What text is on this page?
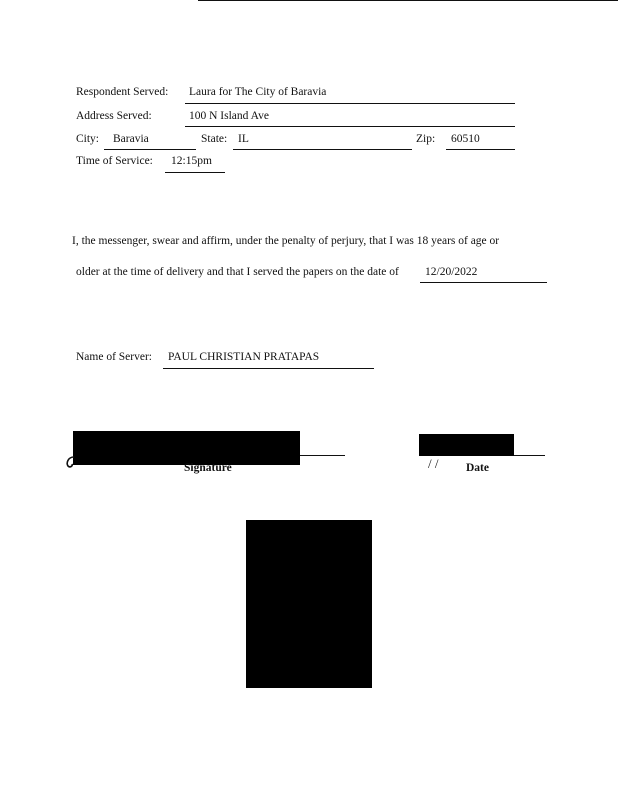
Respondent Served: Laura for The City of Baravia
Address Served:	100 N Island Ave
City: Baravia	State: IL	Zip: 60510
Time of Service: 12:15pm
I, the messenger, swear and affirm, under the penalty of perjury, that I was 18 years of age or
older at the time of delivery and that I served the papers on the date of 12/20/2022
Name of Server: PAUL CHRISTIAN PRATAPAS
Signature	/ / Date
